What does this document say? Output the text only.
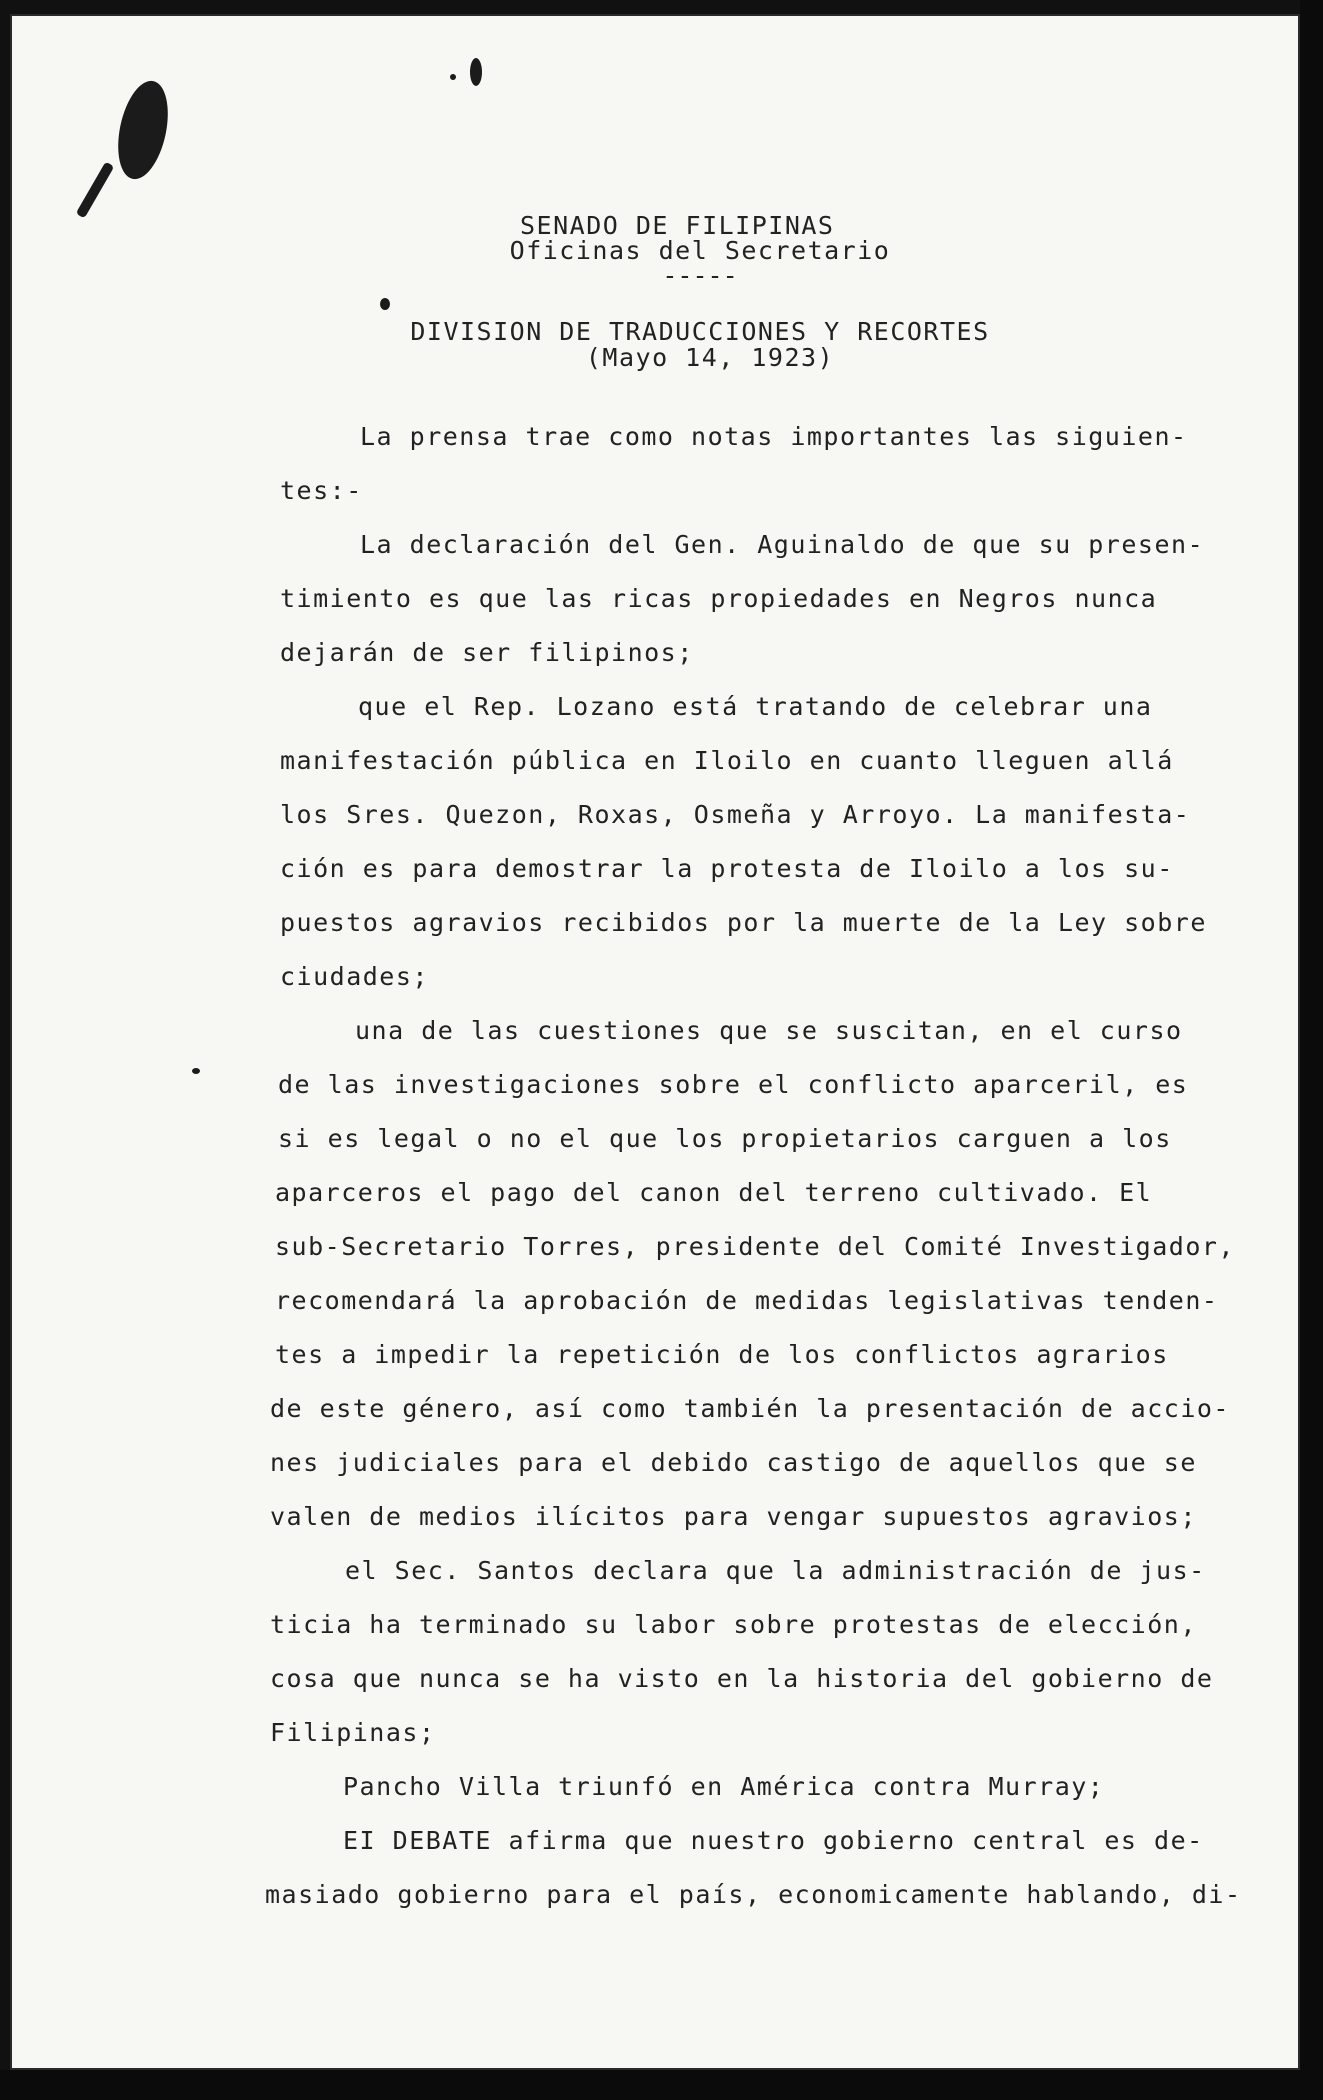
SENADO DE FILIPINAS
Oficinas del Secretario
-----
DIVISION DE TRADUCCIONES Y RECORTES
(Mayo 14, 1923)
La prensa trae como notas importantes las siguien-
tes:-
La declaración del Gen. Aguinaldo de que su presen-
timiento es que las ricas propiedades en Negros nunca
dejarán de ser filipinos;
que el Rep. Lozano está tratando de celebrar una
manifestación pública en Iloilo en cuanto lleguen allá
los Sres. Quezon, Roxas, Osmeña y Arroyo. La manifesta-
ción es para demostrar la protesta de Iloilo a los su-
puestos agravios recibidos por la muerte de la Ley sobre
ciudades;
una de las cuestiones que se suscitan, en el curso
de las investigaciones sobre el conflicto aparceril, es
si es legal o no el que los propietarios carguen a los
aparceros el pago del canon del terreno cultivado. El
sub-Secretario Torres, presidente del Comité Investigador,
recomendará la aprobación de medidas legislativas tenden-
tes a impedir la repetición de los conflictos agrarios
de este género, así como también la presentación de accio-
nes judiciales para el debido castigo de aquellos que se
valen de medios ilícitos para vengar supuestos agravios;
el Sec. Santos declara que la administración de jus-
ticia ha terminado su labor sobre protestas de elección,
cosa que nunca se ha visto en la historia del gobierno de
Filipinas;
Pancho Villa triunfó en América contra Murray;
EI DEBATE afirma que nuestro gobierno central es de-
masiado gobierno para el país, economicamente hablando, di-
